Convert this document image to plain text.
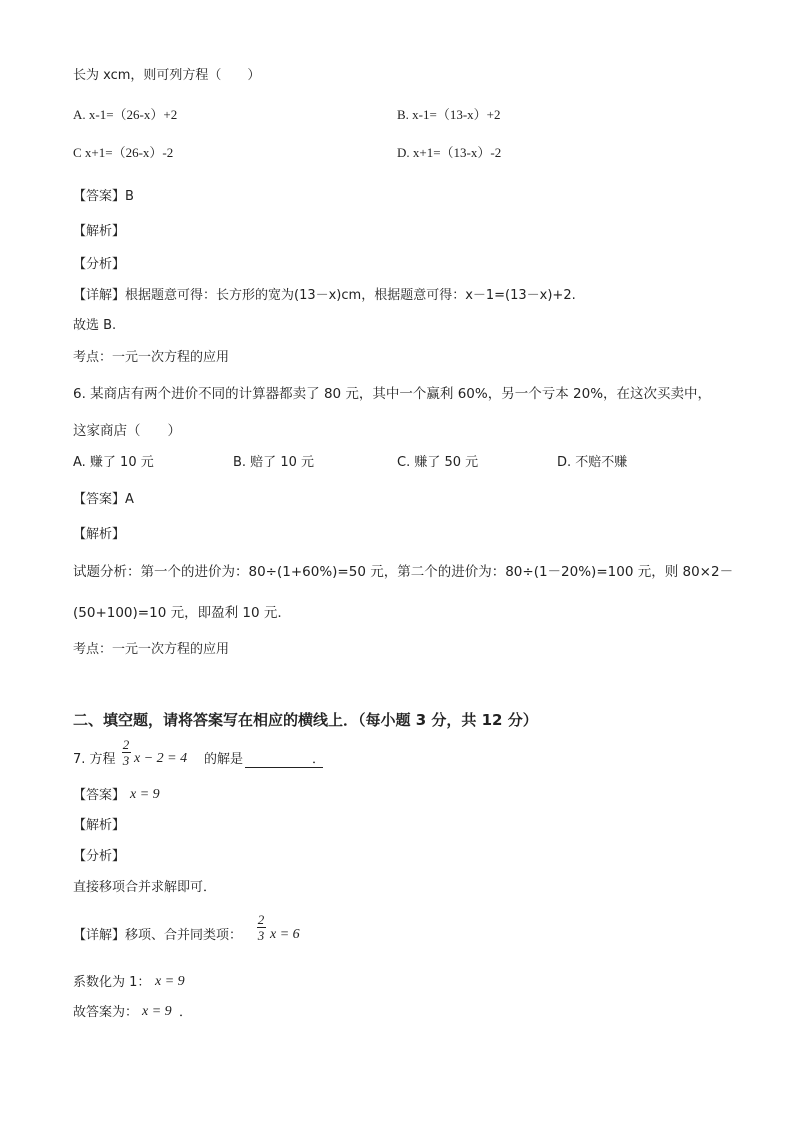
长为 xcm，则可列方程（　　）
A. x-1=（26-x）+2	B. x-1=（13-x）+2
C x+1=（26-x）-2	D. x+1=（13-x）-2
【答案】B
【解析】
【分析】
【详解】根据题意可得：长方形的宽为(13－x)cm，根据题意可得：x－1=(13－x)+2.
故选 B.
考点：一元一次方程的应用
6. 某商店有两个进价不同的计算器都卖了 80 元，其中一个赢利 60%，另一个亏本 20%，在这次买卖中，
这家商店（　　）
A. 赚了 10 元	B. 赔了 10 元	C. 赚了 50 元	D. 不赔不赚
【答案】A
【解析】
试题分析：第一个的进价为：80÷(1+60%)=50 元，第二个的进价为：80÷(1－20%)=100 元，则 80×2－
(50+100)=10 元，即盈利 10 元.
考点：一元一次方程的应用
二、填空题，请将答案写在相应的横线上．（每小题 3 分，共 12 分）
7. 方程
2
3 x − 2 = 4 的解是	．
【答案】 x = 9
【解析】
【分析】
直接移项合并求解即可．
【详解】移项、合并同类项：
2
3 x = 6
系数化为 1： x = 9
故答案为： x = 9 ．
